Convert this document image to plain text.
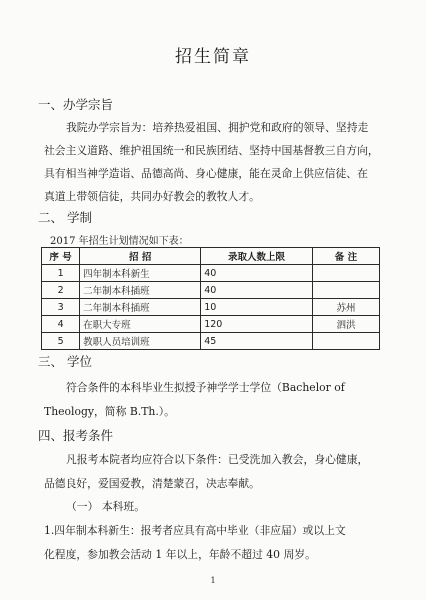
招生简章
一、办学宗旨
我院办学宗旨为：培养热爱祖国、拥护党和政府的领导、坚持走
社会主义道路、维护祖国统一和民族团结、坚持中国基督教三自方向，
具有相当神学造诣、品德高尚、身心健康，能在灵命上供应信徒、在
真道上带领信徒，共同办好教会的教牧人才。
二、 学制
2017 年招生计划情况如下表：
序 号	招 招	录取人数上限	备 注
1	四年制本科新生	40	
2	二年制本科插班	40	
3	二年制本科插班	10	苏州
4	在职大专班	120	泗洪
5	教职人员培训班	45	
三、 学位
符合条件的本科毕业生拟授予神学学士学位（Bachelor of
Theology，简称 B.Th.）。
四、报考条件
凡报考本院者均应符合以下条件：已受洗加入教会，身心健康，
品德良好，爱国爱教，清楚蒙召，决志奉献。
（一） 本科班。
1.四年制本科新生：报考者应具有高中毕业（非应届）或以上文
化程度，参加教会活动 1 年以上，年龄不超过 40 周岁。
1
